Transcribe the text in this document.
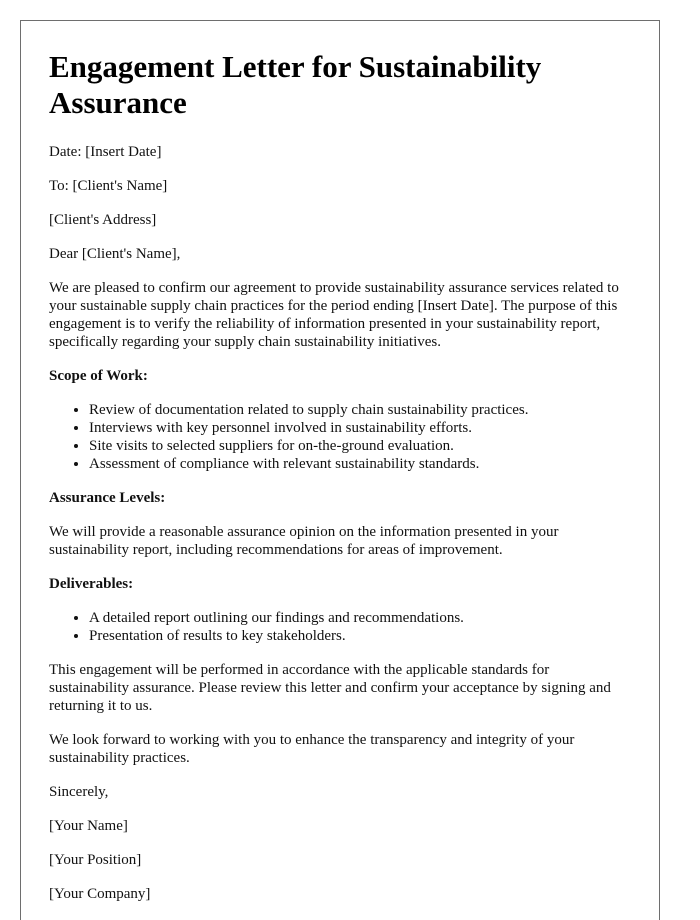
Engagement Letter for Sustainability Assurance

Date: [Insert Date]

To: [Client's Name]

[Client's Address]

Dear [Client's Name],

We are pleased to confirm our agreement to provide sustainability assurance services related to your sustainable supply chain practices for the period ending [Insert Date]. The purpose of this engagement is to verify the reliability of information presented in your sustainability report, specifically regarding your supply chain sustainability initiatives.

Scope of Work:

• Review of documentation related to supply chain sustainability practices.
• Interviews with key personnel involved in sustainability efforts.
• Site visits to selected suppliers for on-the-ground evaluation.
• Assessment of compliance with relevant sustainability standards.

Assurance Levels:

We will provide a reasonable assurance opinion on the information presented in your sustainability report, including recommendations for areas of improvement.

Deliverables:

• A detailed report outlining our findings and recommendations.
• Presentation of results to key stakeholders.

This engagement will be performed in accordance with the applicable standards for sustainability assurance. Please review this letter and confirm your acceptance by signing and returning it to us.

We look forward to working with you to enhance the transparency and integrity of your sustainability practices.

Sincerely,

[Your Name]

[Your Position]

[Your Company]
